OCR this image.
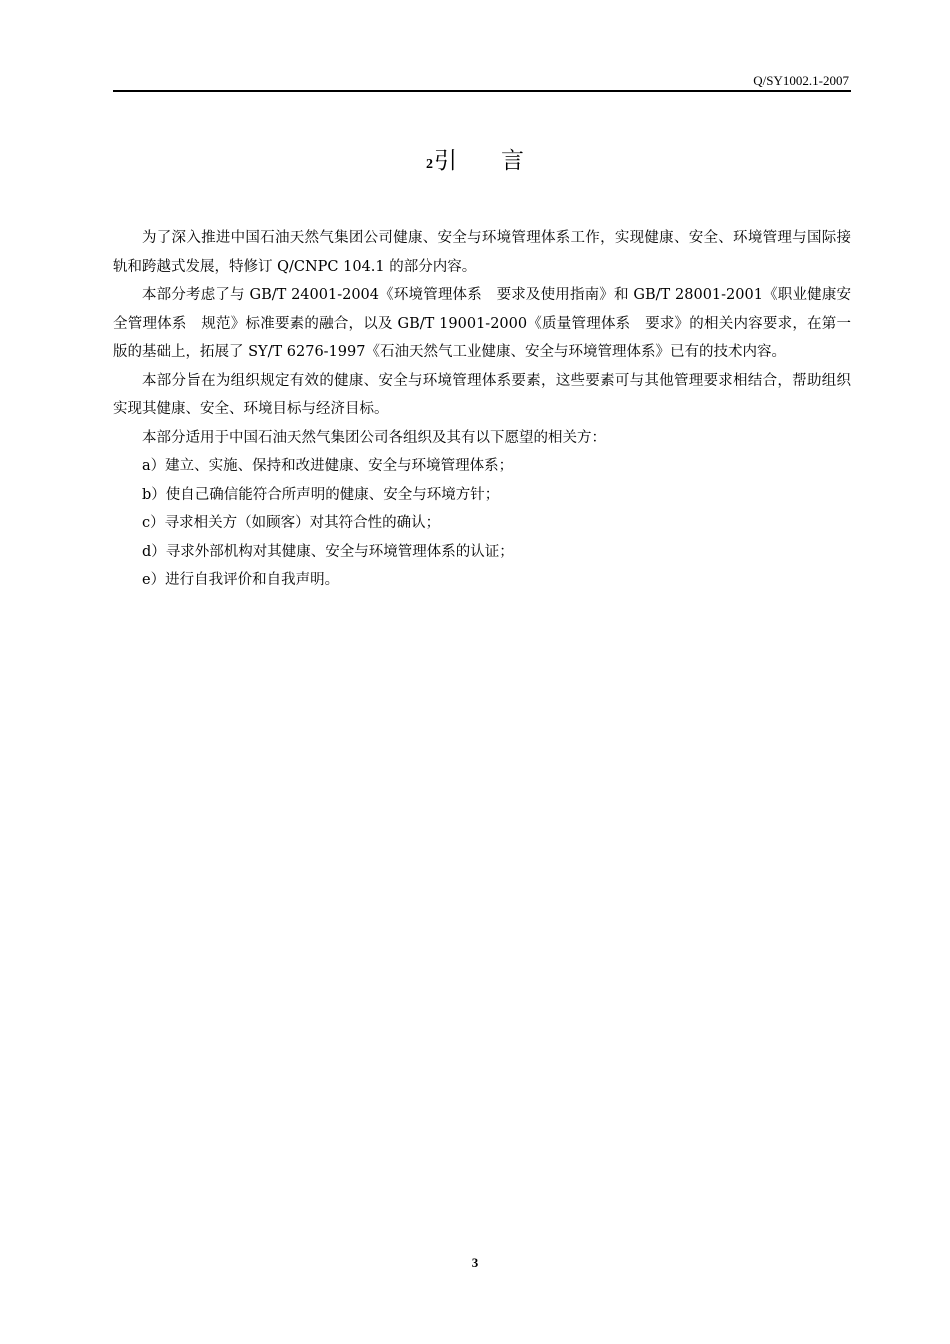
Q/SY1002.1-2007
2引 言

为了深入推进中国石油天然气集团公司健康、安全与环境管理体系工作，实现健康、安全、环境管理与国际接轨和跨越式发展，特修订 Q/CNPC 104.1 的部分内容。

本部分考虑了与 GB/T 24001-2004《环境管理体系　要求及使用指南》和 GB/T 28001-2001《职业健康安全管理体系　规范》标准要素的融合，以及 GB/T 19001-2000《质量管理体系　要求》的相关内容要求，在第一版的基础上，拓展了 SY/T 6276-1997《石油天然气工业健康、安全与环境管理体系》已有的技术内容。

本部分旨在为组织规定有效的健康、安全与环境管理体系要素，这些要素可与其他管理要求相结合，帮助组织实现其健康、安全、环境目标与经济目标。

本部分适用于中国石油天然气集团公司各组织及其有以下愿望的相关方：

a）建立、实施、保持和改进健康、安全与环境管理体系；

b）使自己确信能符合所声明的健康、安全与环境方针；

c）寻求相关方（如顾客）对其符合性的确认；

d）寻求外部机构对其健康、安全与环境管理体系的认证；

e）进行自我评价和自我声明。

3
